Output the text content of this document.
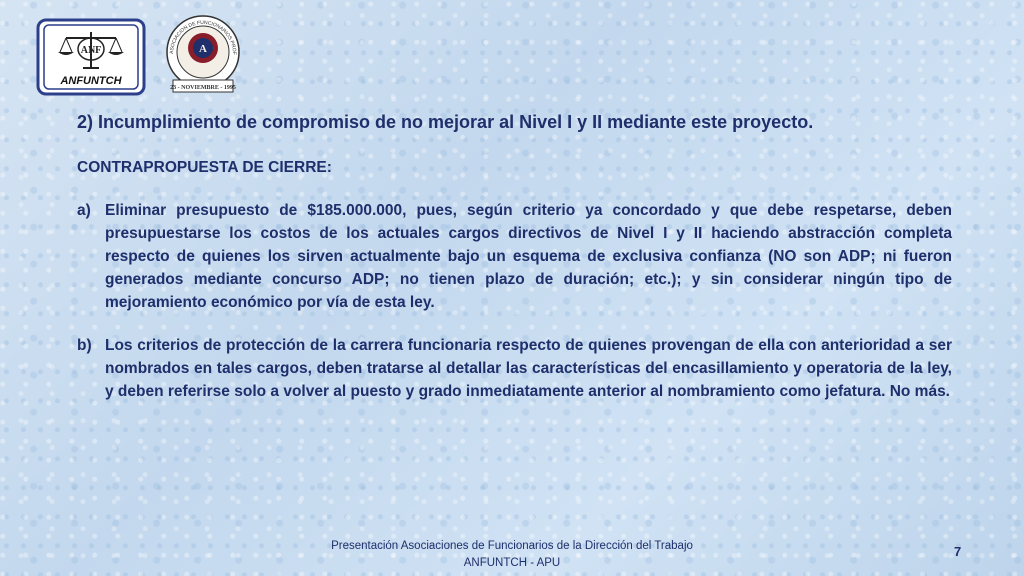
ANF
ANFUNTCH
ASOCIACION DE FUNCIONARIOS PROF
A
23 - NOVIEMBRE - 1995
2) Incumplimiento de compromiso de no mejorar al Nivel I y II mediante este proyecto.
CONTRAPROPUESTA DE CIERRE:
a) Eliminar presupuesto de $185.000.000, pues, según criterio ya concordado y que debe respetarse, deben presupuestarse los costos de los actuales cargos directivos de Nivel I y II haciendo abstracción completa respecto de quienes los sirven actualmente bajo un esquema de exclusiva confianza (NO son ADP; ni fueron generados mediante concurso ADP; no tienen plazo de duración; etc.); y sin considerar ningún tipo de mejoramiento económico por vía de esta ley.
b) Los criterios de protección de la carrera funcionaria respecto de quienes provengan de ella con anterioridad a ser nombrados en tales cargos, deben tratarse al detallar las características del encasillamiento y operatoria de la ley, y deben referirse solo a volver al puesto y grado inmediatamente anterior al nombramiento como jefatura. No más.
Presentación Asociaciones de Funcionarios de la Dirección del Trabajo
ANFUNTCH - APU
7
